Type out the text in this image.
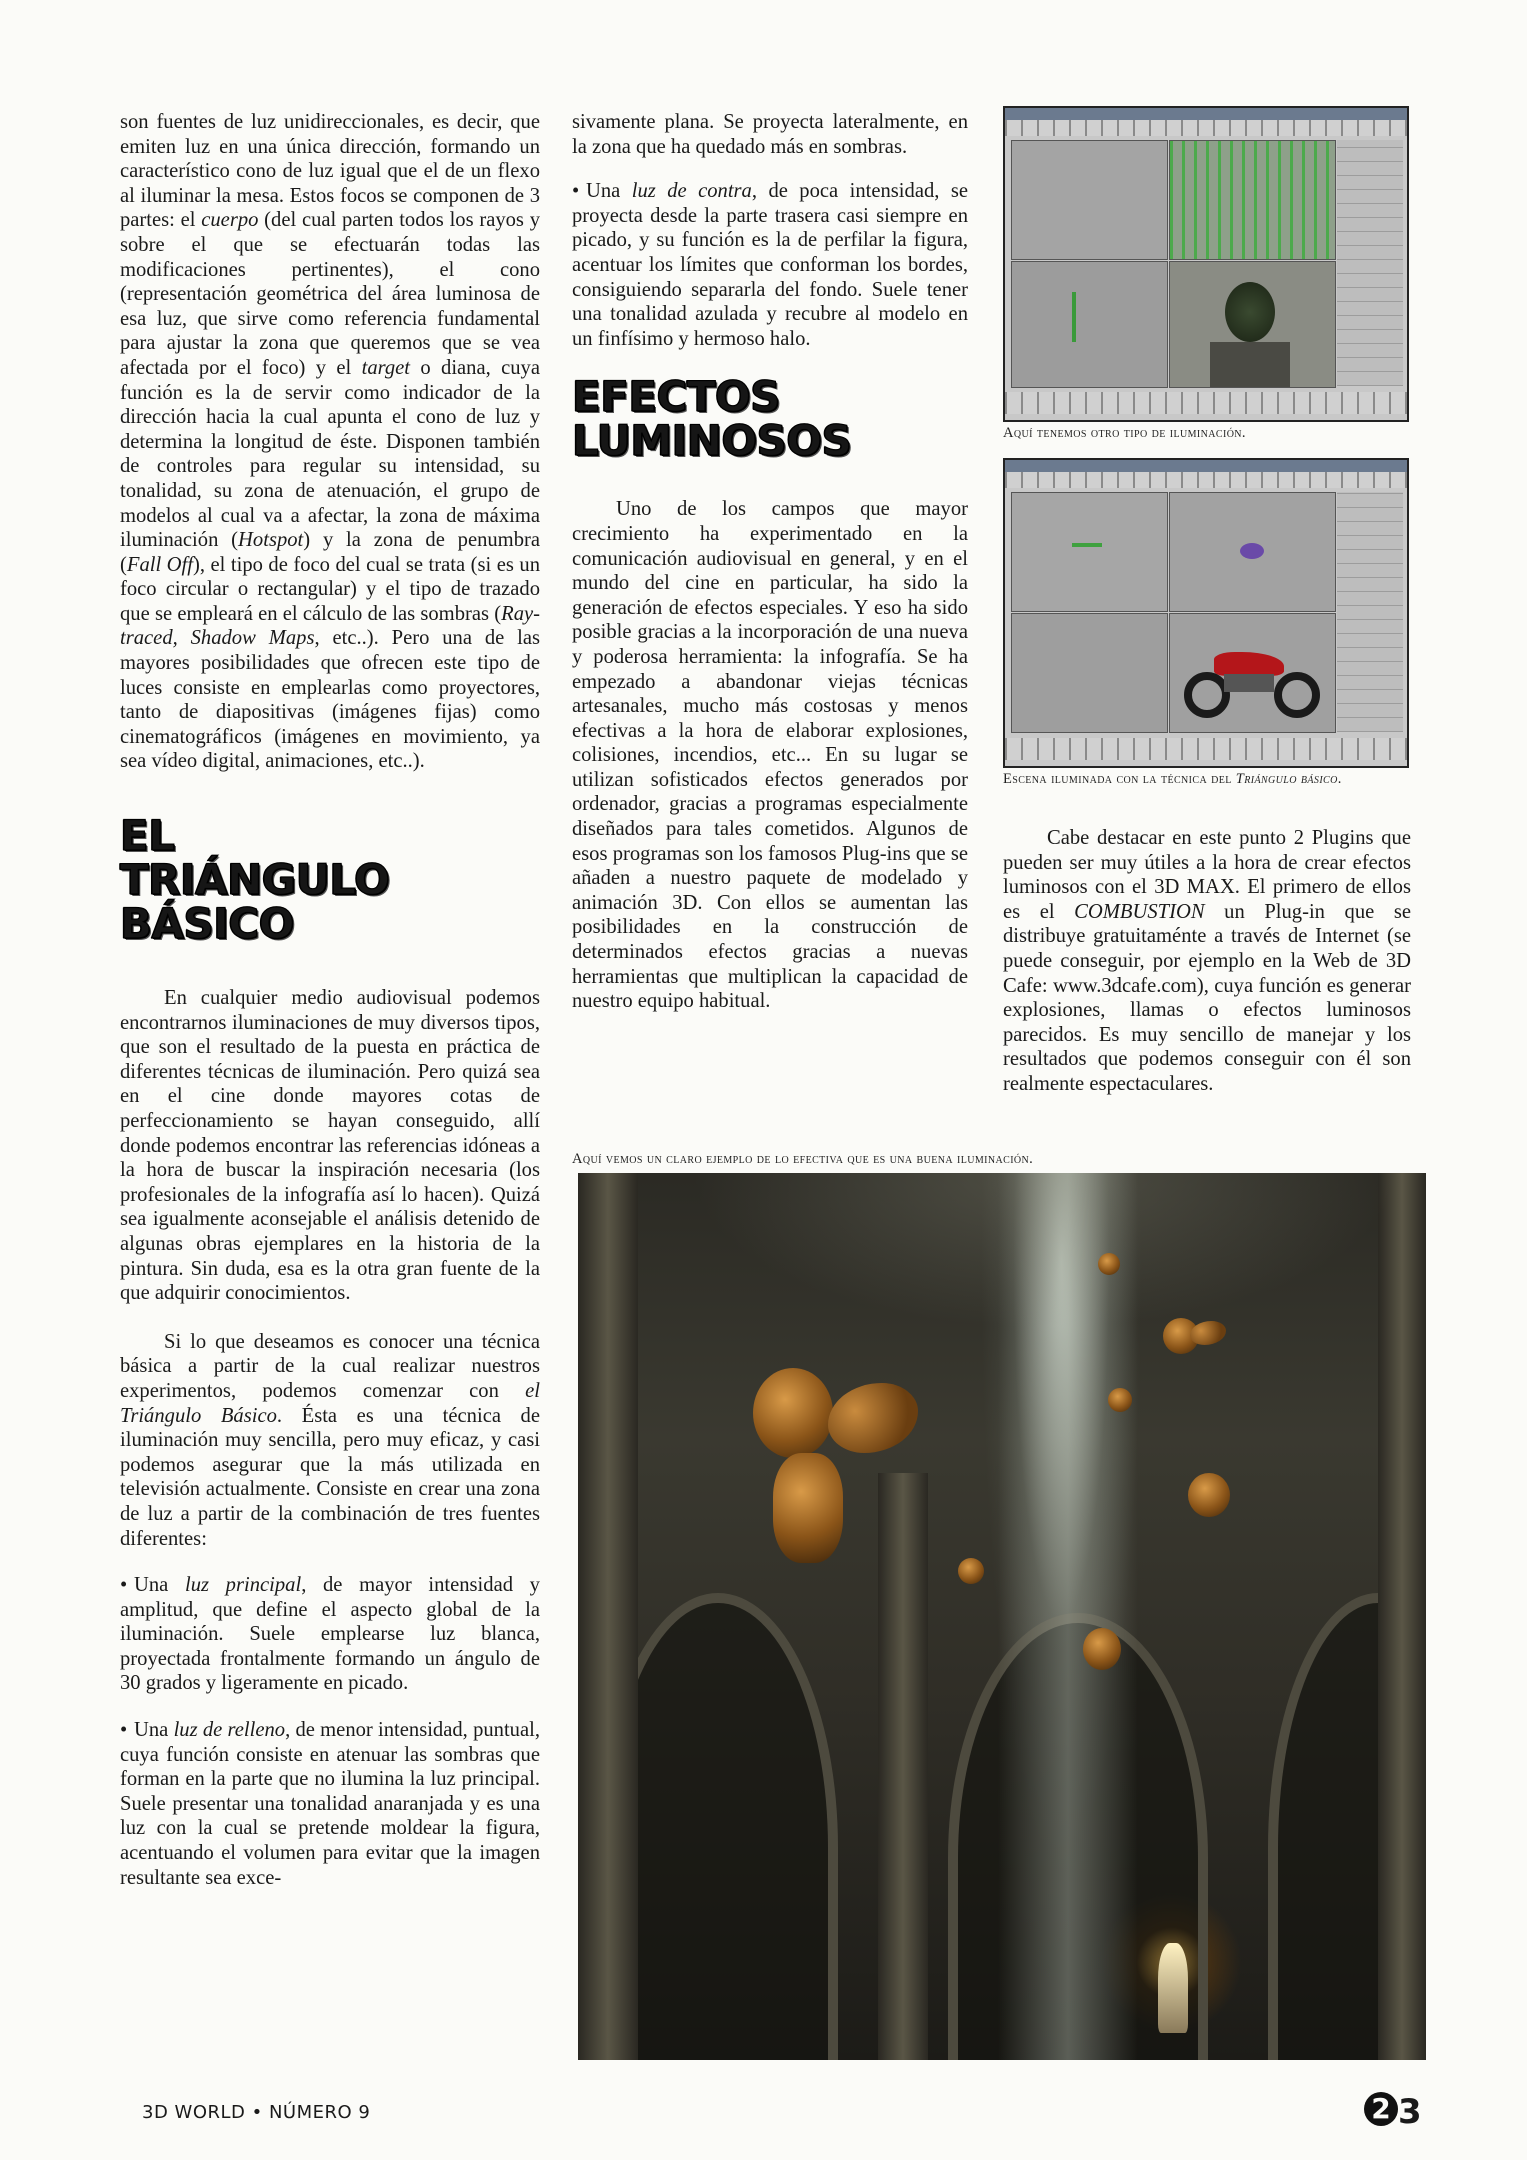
son fuentes de luz unidireccionales, es decir, que emiten luz en una única dirección, formando un característico cono de luz igual que el de un flexo al iluminar la mesa. Estos focos se componen de 3 partes: el cuerpo (del cual parten todos los rayos y sobre el que se efectuarán todas las modificaciones pertinentes), el cono (representación geométrica del área luminosa de esa luz, que sirve como referencia fundamental para ajustar la zona que queremos que se vea afectada por el foco) y el target o diana, cuya función es la de servir como indicador de la dirección hacia la cual apunta el cono de luz y determina la longitud de éste. Disponen también de controles para regular su intensidad, su tonalidad, su zona de atenuación, el grupo de modelos al cual va a afectar, la zona de máxima iluminación (Hotspot) y la zona de penumbra (Fall Off), el tipo de foco del cual se trata (si es un foco circular o rectangular) y el tipo de trazado que se empleará en el cálculo de las sombras (Ray-traced, Shadow Maps, etc..). Pero una de las mayores posibilidades que ofrecen este tipo de luces consiste en emplearlas como proyectores, tanto de diapositivas (imágenes fijas) como cinematográficos (imágenes en movimiento, ya sea vídeo digital, animaciones, etc..).

EL TRIÁNGULO BÁSICO

En cualquier medio audiovisual podemos encontrarnos iluminaciones de muy diversos tipos, que son el resultado de la puesta en práctica de diferentes técnicas de iluminación. Pero quizá sea en el cine donde mayores cotas de perfeccionamiento se hayan conseguido, allí donde podemos encontrar las referencias idóneas a la hora de buscar la inspiración necesaria (los profesionales de la infografía así lo hacen). Quizá sea igualmente aconsejable el análisis detenido de algunas obras ejemplares en la historia de la pintura. Sin duda, esa es la otra gran fuente de la que adquirir conocimientos.

Si lo que deseamos es conocer una técnica básica a partir de la cual realizar nuestros experimentos, podemos comenzar con el Triángulo Básico. Ésta es una técnica de iluminación muy sencilla, pero muy eficaz, y casi podemos asegurar que la más utilizada en televisión actualmente. Consiste en crear una zona de luz a partir de la combinación de tres fuentes diferentes:

• Una luz principal, de mayor intensidad y amplitud, que define el aspecto global de la iluminación. Suele emplearse luz blanca, proyectada frontalmente formando un ángulo de 30 grados y ligeramente en picado.
• Una luz de relleno, de menor intensidad, puntual, cuya función consiste en atenuar las sombras que forman en la parte que no ilumina la luz principal. Suele presentar una tonalidad anaranjada y es una luz con la cual se pretende moldear la figura, acentuando el volumen para evitar que la imagen resultante sea exce-

sivamente plana. Se proyecta lateralmente, en la zona que ha quedado más en sombras.

• Una luz de contra, de poca intensidad, se proyecta desde la parte trasera casi siempre en picado, y su función es la de perfilar la figura, acentuar los límites que conforman los bordes, consiguiendo separarla del fondo. Suele tener una tonalidad azulada y recubre al modelo en un finfísimo y hermoso halo.
EFECTOS LUMINOSOS

Uno de los campos que mayor crecimiento ha experimentado en la comunicación audiovisual en general, y en el mundo del cine en particular, ha sido la generación de efectos especiales. Y eso ha sido posible gracias a la incorporación de una nueva y poderosa herramienta: la infografía. Se ha empezado a abandonar viejas técnicas artesanales, mucho más costosas y menos efectivas a la hora de elaborar explosiones, colisiones, incendios, etc... En su lugar se utilizan sofisticados efectos generados por ordenador, gracias a programas especialmente diseñados para tales cometidos. Algunos de esos programas son los famosos Plug-ins que se añaden a nuestro paquete de modelado y animación 3D. Con ellos se aumentan las posibilidades en la construcción de determinados efectos gracias a nuevas herramientas que multiplican la capacidad de nuestro equipo habitual.

Aquí tenemos otro tipo de iluminación.
Escena iluminada con la técnica del Triángulo básico.

Cabe destacar en este punto 2 Plugins que pueden ser muy útiles a la hora de crear efectos luminosos con el 3D MAX. El primero de ellos es el COMBUSTION un Plug-in que se distribuye gratuitaménte a través de Internet (se puede conseguir, por ejemplo en la Web de 3D Cafe: www.3dcafe.com), cuya función es generar explosiones, llamas o efectos luminosos parecidos. Es muy sencillo de manejar y los resultados que podemos conseguir con él son realmente espectaculares.

Aquí vemos un claro ejemplo de lo efectiva que es una buena iluminación.
3D WORLD • NÚMERO 9	2 3
